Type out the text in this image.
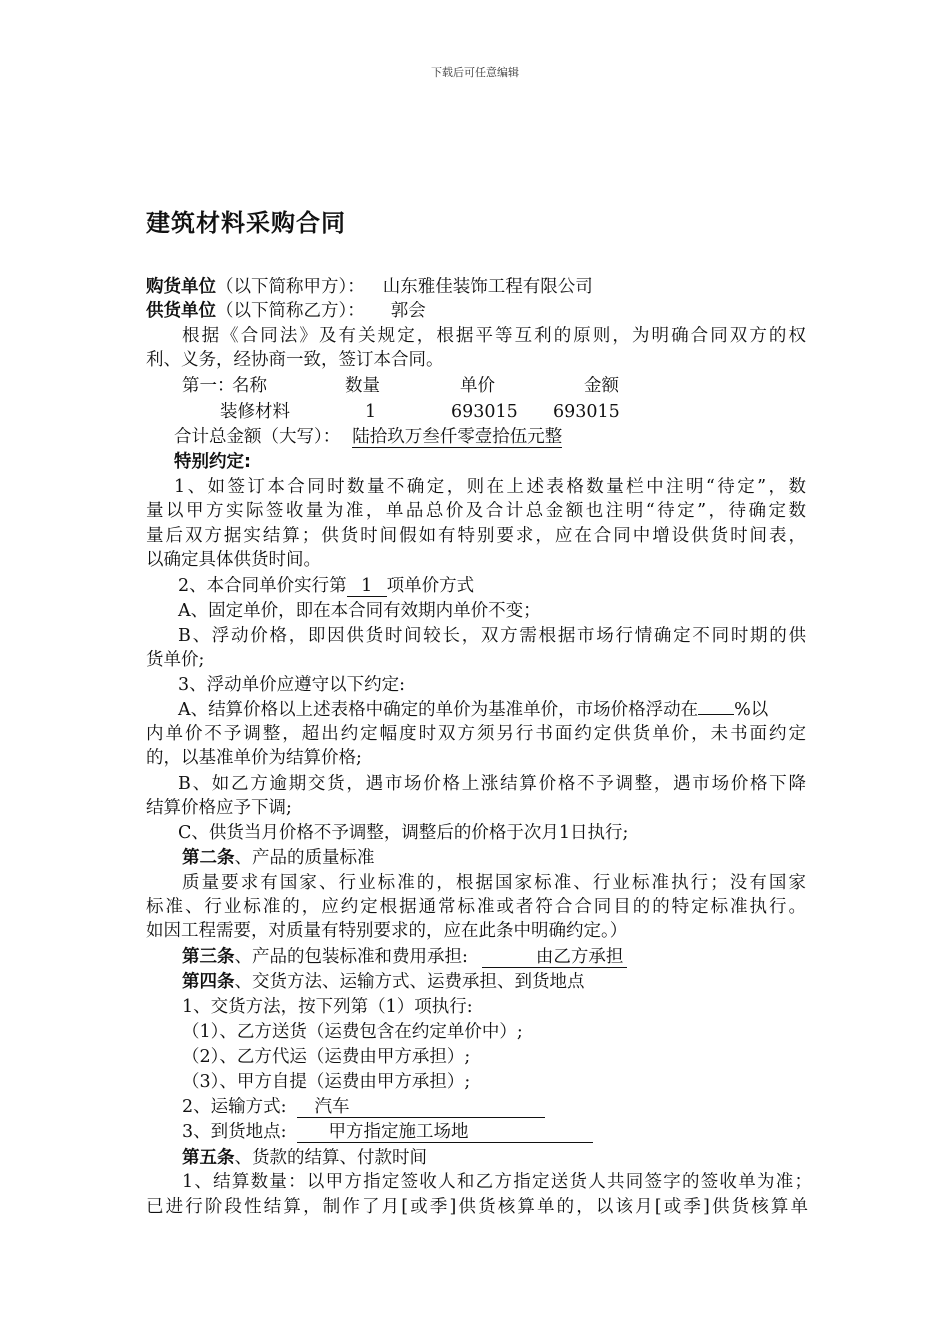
下载后可任意编辑
建筑材料采购合同
购货单位（以下简称甲方）： 山东雅佳装饰工程有限公司
供货单位（以下简称乙方）： 郭会
根据《合同法》及有关规定，根据平等互利的原则，为明确合同双方的权
利、义务，经协商一致，签订本合同。
第一：
名称	数量	单价	金额
装修材料	1	693015 693015
合计总金额（大写）： 陆拾玖万叁仟零壹拾伍元整
特别约定:
1、如签订本合同时数量不确定，则在上述表格数量栏中注明“待定”，数
量以甲方实际签收量为准，单品总价及合计总金额也注明“待定”，待确定数
量后双方据实结算；供货时间假如有特别要求，应在合同中增设供货时间表，
以确定具体供货时间。
2、本合同单价实行第 1 项单价方式
A、固定单价，即在本合同有效期内单价不变；
B、浮动价格，即因供货时间较长，双方需根据市场行情确定不同时期的供
货单价;
3、浮动单价应遵守以下约定:
A、结算价格以上述表格中确定的单价为基准单价，市场价格浮动在 %以
内单价不予调整，超出约定幅度时双方须另行书面约定供货单价，未书面约定
的，以基准单价为结算价格;
B、如乙方逾期交货，遇市场价格上涨结算价格不予调整，遇市场价格下降
结算价格应予下调;
C、供货当月价格不予调整，调整后的价格于次月1日执行;
第二条、产品的质量标准
质量要求有国家、行业标准的，根据国家标准、行业标准执行；没有国家
标准、行业标准的，应约定根据通常标准或者符合合同目的的特定标准执行。
如因工程需要，对质量有特别要求的，应在此条中明确约定。）
第三条、产品的包装标准和费用承担:	由乙方承担
第四条、交货方法、运输方式、运费承担、到货地点
1、交货方法，按下列第（1）项执行:
（1）、乙方送货（运费包含在约定单价中）;
（2）、乙方代运（运费由甲方承担）;
（3）、甲方自提（运费由甲方承担）;
2、运输方式: 汽车
3、到货地点: 甲方指定施工场地
第五条、货款的结算、付款时间
1、结算数量：以甲方指定签收人和乙方指定送货人共同签字的签收单为准；
已进行阶段性结算，制作了月[或季]供货核算单的，以该月[或季]供货核算单
